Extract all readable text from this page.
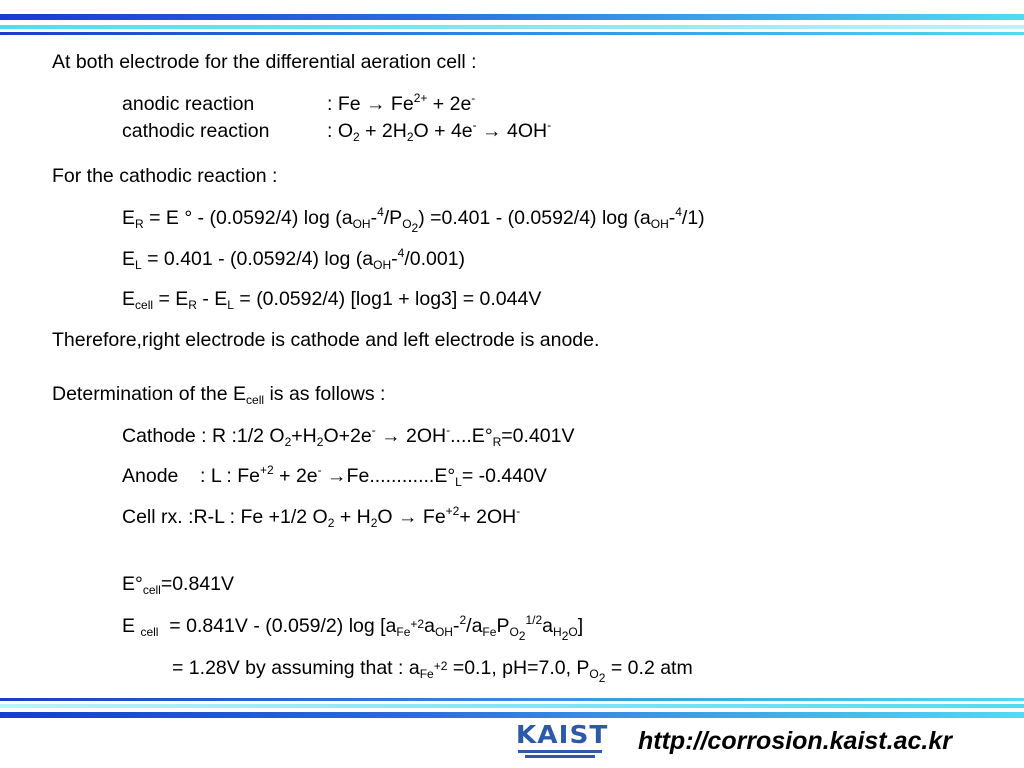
At both electrode for the differential aeration cell :
anodic reaction	: $Fe \to Fe^{2+} + 2e^-$
cathodic reaction	: $O_2 + 2H_2O + 4e^- \to 4OH^-$
For the cathodic reaction :
$E_R = E$ ° - (0.0592/4) $\log (a_{OH}-^4/P_{O_2}) =0.401 - (0.0592/4)$ $\log (a_{OH}-^4/1)$
$E_L = 0.401 - (0.0592/4)$ $\log (a_{OH}-^4/0.001)$
$E_{cell} = E_R - E_L = (0.0592/4) [\log 1 + \log 3] = 0.044V$
Therefore,right electrode is cathode and left electrode is anode.
Determination of the $E_{cell}$ is as follows :
Cathode : R :1/2 $O_2+H_2O+2e^- \to 2OH^-....E^\circ_R=0.401V$
Anode    : L : $Fe^{+2} + 2e^- \to Fe............E^\circ_L= -0.440V$
Cell rx. :R-L : Fe +1/2 $O_2 + H_2O \to Fe^{+2}+ 2OH^-$
$E^\circ_{cell}=0.841V$
E $_{cell}$  = 0.841V - (0.059/2) $\log [a_{Fe^{+2}}a_{OH}-^2/a_{Fe}P_{O_2}^{1/2}a_{H_2O}]$
= 1.28V by assuming that : $a_{Fe^{+2}} =0.1$, pH=7.0, $P_{O_2} = 0.2$ atm
KAIST http://corrosion.kaist.ac.kr
